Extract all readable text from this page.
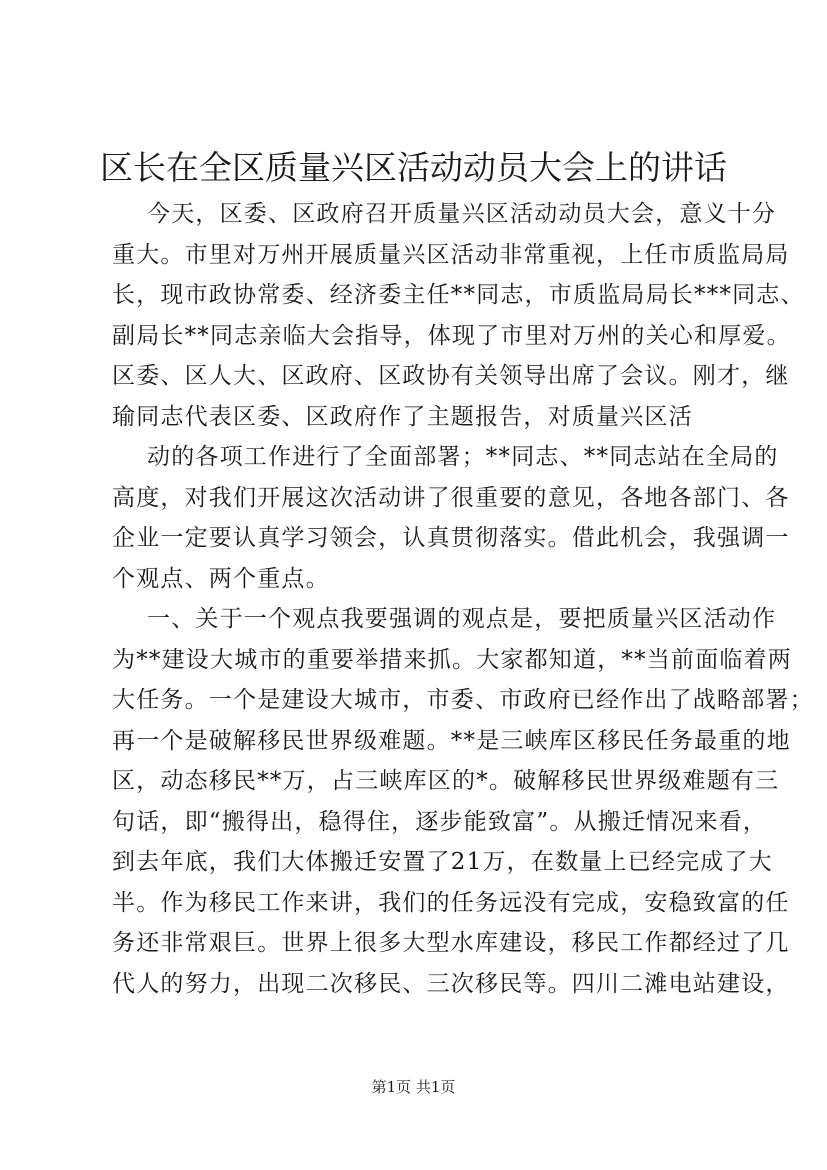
区长在全区质量兴区活动动员大会上的讲话
今天，区委、区政府召开质量兴区活动动员大会，意义十分
重大。市里对万州开展质量兴区活动非常重视，上任市质监局局
长，现市政协常委、经济委主任**同志，市质监局局长***同志、
副局长**同志亲临大会指导，体现了市里对万州的关心和厚爱。
区委、区人大、区政府、区政协有关领导出席了会议。刚才，继
瑜同志代表区委、区政府作了主题报告，对质量兴区活
动的各项工作进行了全面部署；**同志、**同志站在全局的
高度，对我们开展这次活动讲了很重要的意见，各地各部门、各
企业一定要认真学习领会，认真贯彻落实。借此机会，我强调一
个观点、两个重点。
一、关于一个观点我要强调的观点是，要把质量兴区活动作
为**建设大城市的重要举措来抓。大家都知道，**当前面临着两
大任务。一个是建设大城市，市委、市政府已经作出了战略部署；
再一个是破解移民世界级难题。**是三峡库区移民任务最重的地
区，动态移民**万，占三峡库区的*。破解移民世界级难题有三
句话，即“搬得出，稳得住，逐步能致富”。从搬迁情况来看，
到去年底，我们大体搬迁安置了21万，在数量上已经完成了大
半。作为移民工作来讲，我们的任务远没有完成，安稳致富的任
务还非常艰巨。世界上很多大型水库建设，移民工作都经过了几
代人的努力，出现二次移民、三次移民等。四川二滩电站建设，
第1页 共1页
